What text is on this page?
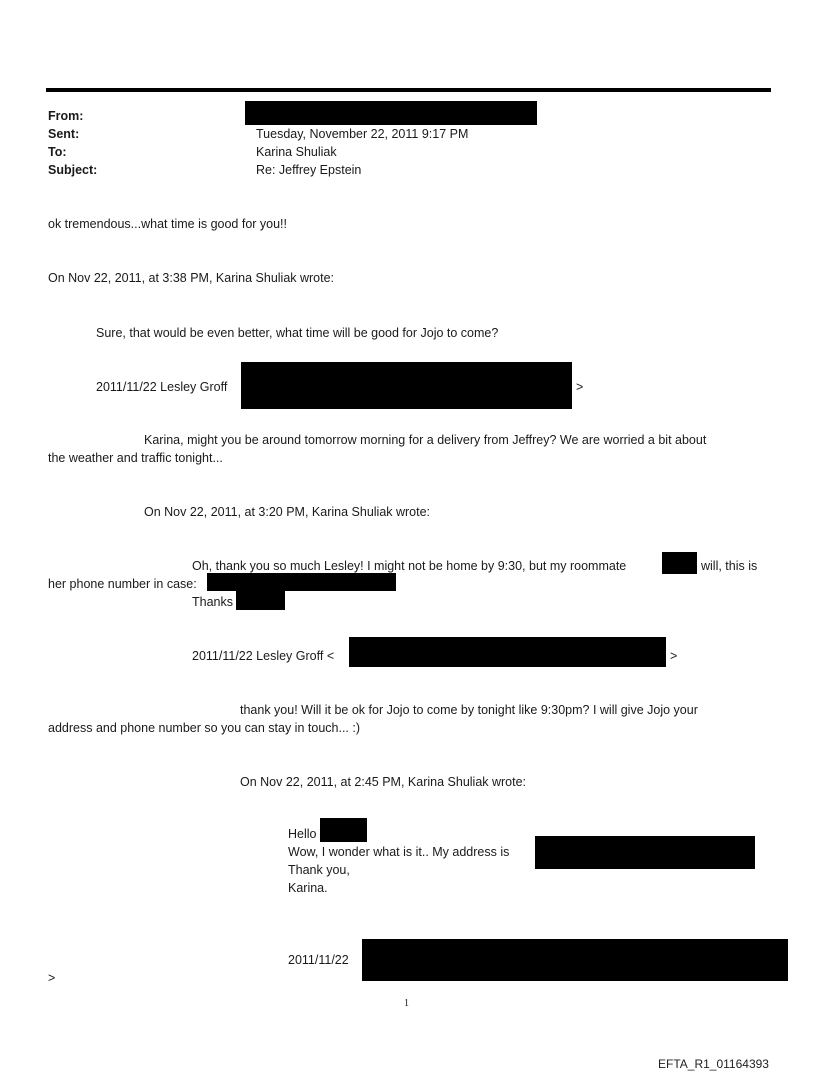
From:
Sent:	Tuesday, November 22, 2011 9:17 PM
To:	Karina Shuliak
Subject:	Re: Jeffrey Epstein
ok tremendous...what time is good for you!!
On Nov 22, 2011, at 3:38 PM, Karina Shuliak wrote:
Sure, that would be even better, what time will be good for Jojo to come?
2011/11/22 Lesley Groff	>
Karina, might you be around tomorrow morning for a delivery from Jeffrey? We are worried a bit about
the weather and traffic tonight...
On Nov 22, 2011, at 3:20 PM, Karina Shuliak wrote:
Oh, thank you so much Lesley! I might not be home by 9:30, but my roommate	will, this is
her phone number in case:
Thanks
2011/11/22 Lesley Groff <	>
thank you! Will it be ok for Jojo to come by tonight like 9:30pm? I will give Jojo your
address and phone number so you can stay in touch... :)
On Nov 22, 2011, at 2:45 PM, Karina Shuliak wrote:
Hello
Wow, I wonder what is it.. My address is
Thank you,
Karina.
2011/11/22
>
1
EFTA_R1_01164393
